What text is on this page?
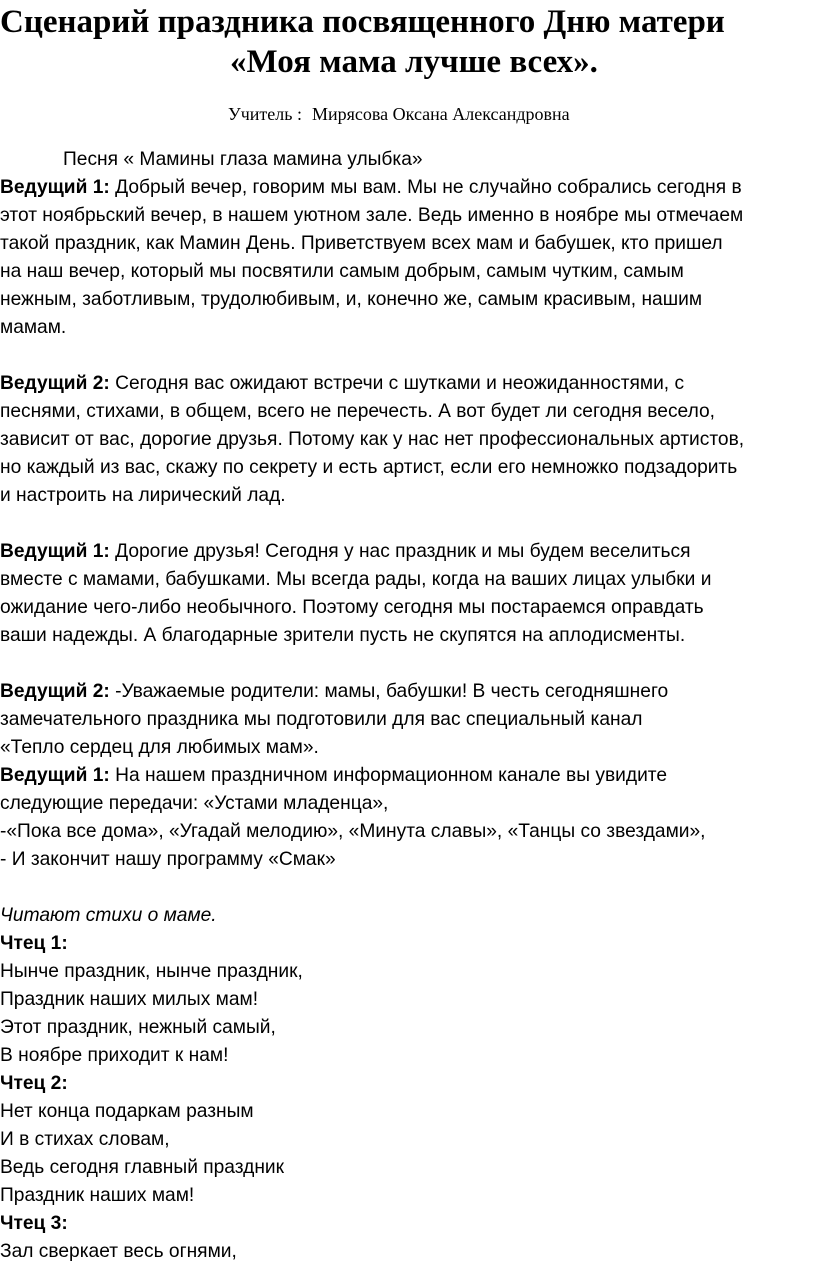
Сценарий праздника посвященного Дню матери
«Моя мама лучше всех».
Учитель : Мирясова Оксана Александровна
Песня « Мамины глаза мамина улыбка»
Ведущий 1: Добрый вечер, говорим мы вам. Мы не случайно собрались сегодня в
этот ноябрьский вечер, в нашем уютном зале. Ведь именно в ноябре мы отмечаем
такой праздник, как Мамин День. Приветствуем всех мам и бабушек, кто пришел
на наш вечер, который мы посвятили самым добрым, самым чутким, самым
нежным, заботливым, трудолюбивым, и, конечно же, самым красивым, нашим
мамам.
Ведущий 2: Сегодня вас ожидают встречи с шутками и неожиданностями, с
песнями, стихами, в общем, всего не перечесть. А вот будет ли сегодня весело,
зависит от вас, дорогие друзья. Потому как у нас нет профессиональных артистов,
но каждый из вас, скажу по секрету и есть артист, если его немножко подзадорить
и настроить на лирический лад.
Ведущий 1: Дорогие друзья! Сегодня у нас праздник и мы будем веселиться
вместе с мамами, бабушками. Мы всегда рады, когда на ваших лицах улыбки и
ожидание чего-либо необычного. Поэтому сегодня мы постараемся оправдать
ваши надежды. А благодарные зрители пусть не скупятся на аплодисменты.
Ведущий 2: -Уважаемые родители: мамы, бабушки! В честь сегодняшнего
замечательного праздника мы подготовили для вас специальный канал
«Тепло сердец для любимых мам».
Ведущий 1: На нашем праздничном информационном канале вы увидите
следующие передачи: «Устами младенца»,
-«Пока все дома», «Угадай мелодию», «Минута славы», «Танцы со звездами»,
- И закончит нашу программу «Смак»
Читают стихи о маме.
Чтец 1:
Нынче праздник, нынче праздник,
Праздник наших милых мам!
Этот праздник, нежный самый,
В ноябре приходит к нам!
Чтец 2:
Нет конца подаркам разным
И в стихах словам,
Ведь сегодня главный праздник
Праздник наших мам!
Чтец 3:
Зал сверкает весь огнями,
